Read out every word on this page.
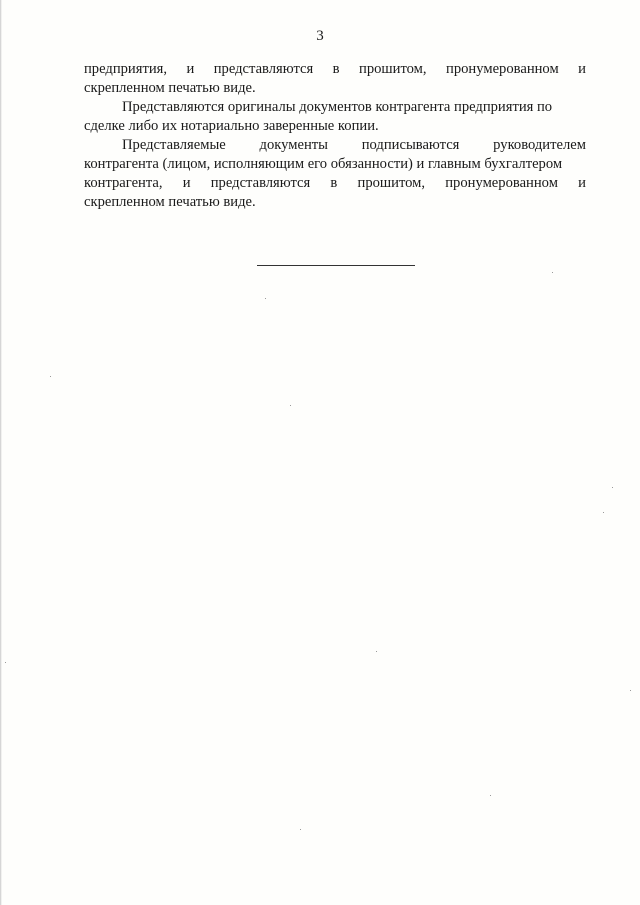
3
предприятия, и представляются в прошитом, пронумерованном и
скрепленном печатью виде.
Представляются оригиналы документов контрагента предприятия по
сделке либо их нотариально заверенные копии.
Представляемые документы подписываются руководителем
контрагента (лицом, исполняющим его обязанности) и главным бухгалтером
контрагента, и представляются в прошитом, пронумерованном и
скрепленном печатью виде.
